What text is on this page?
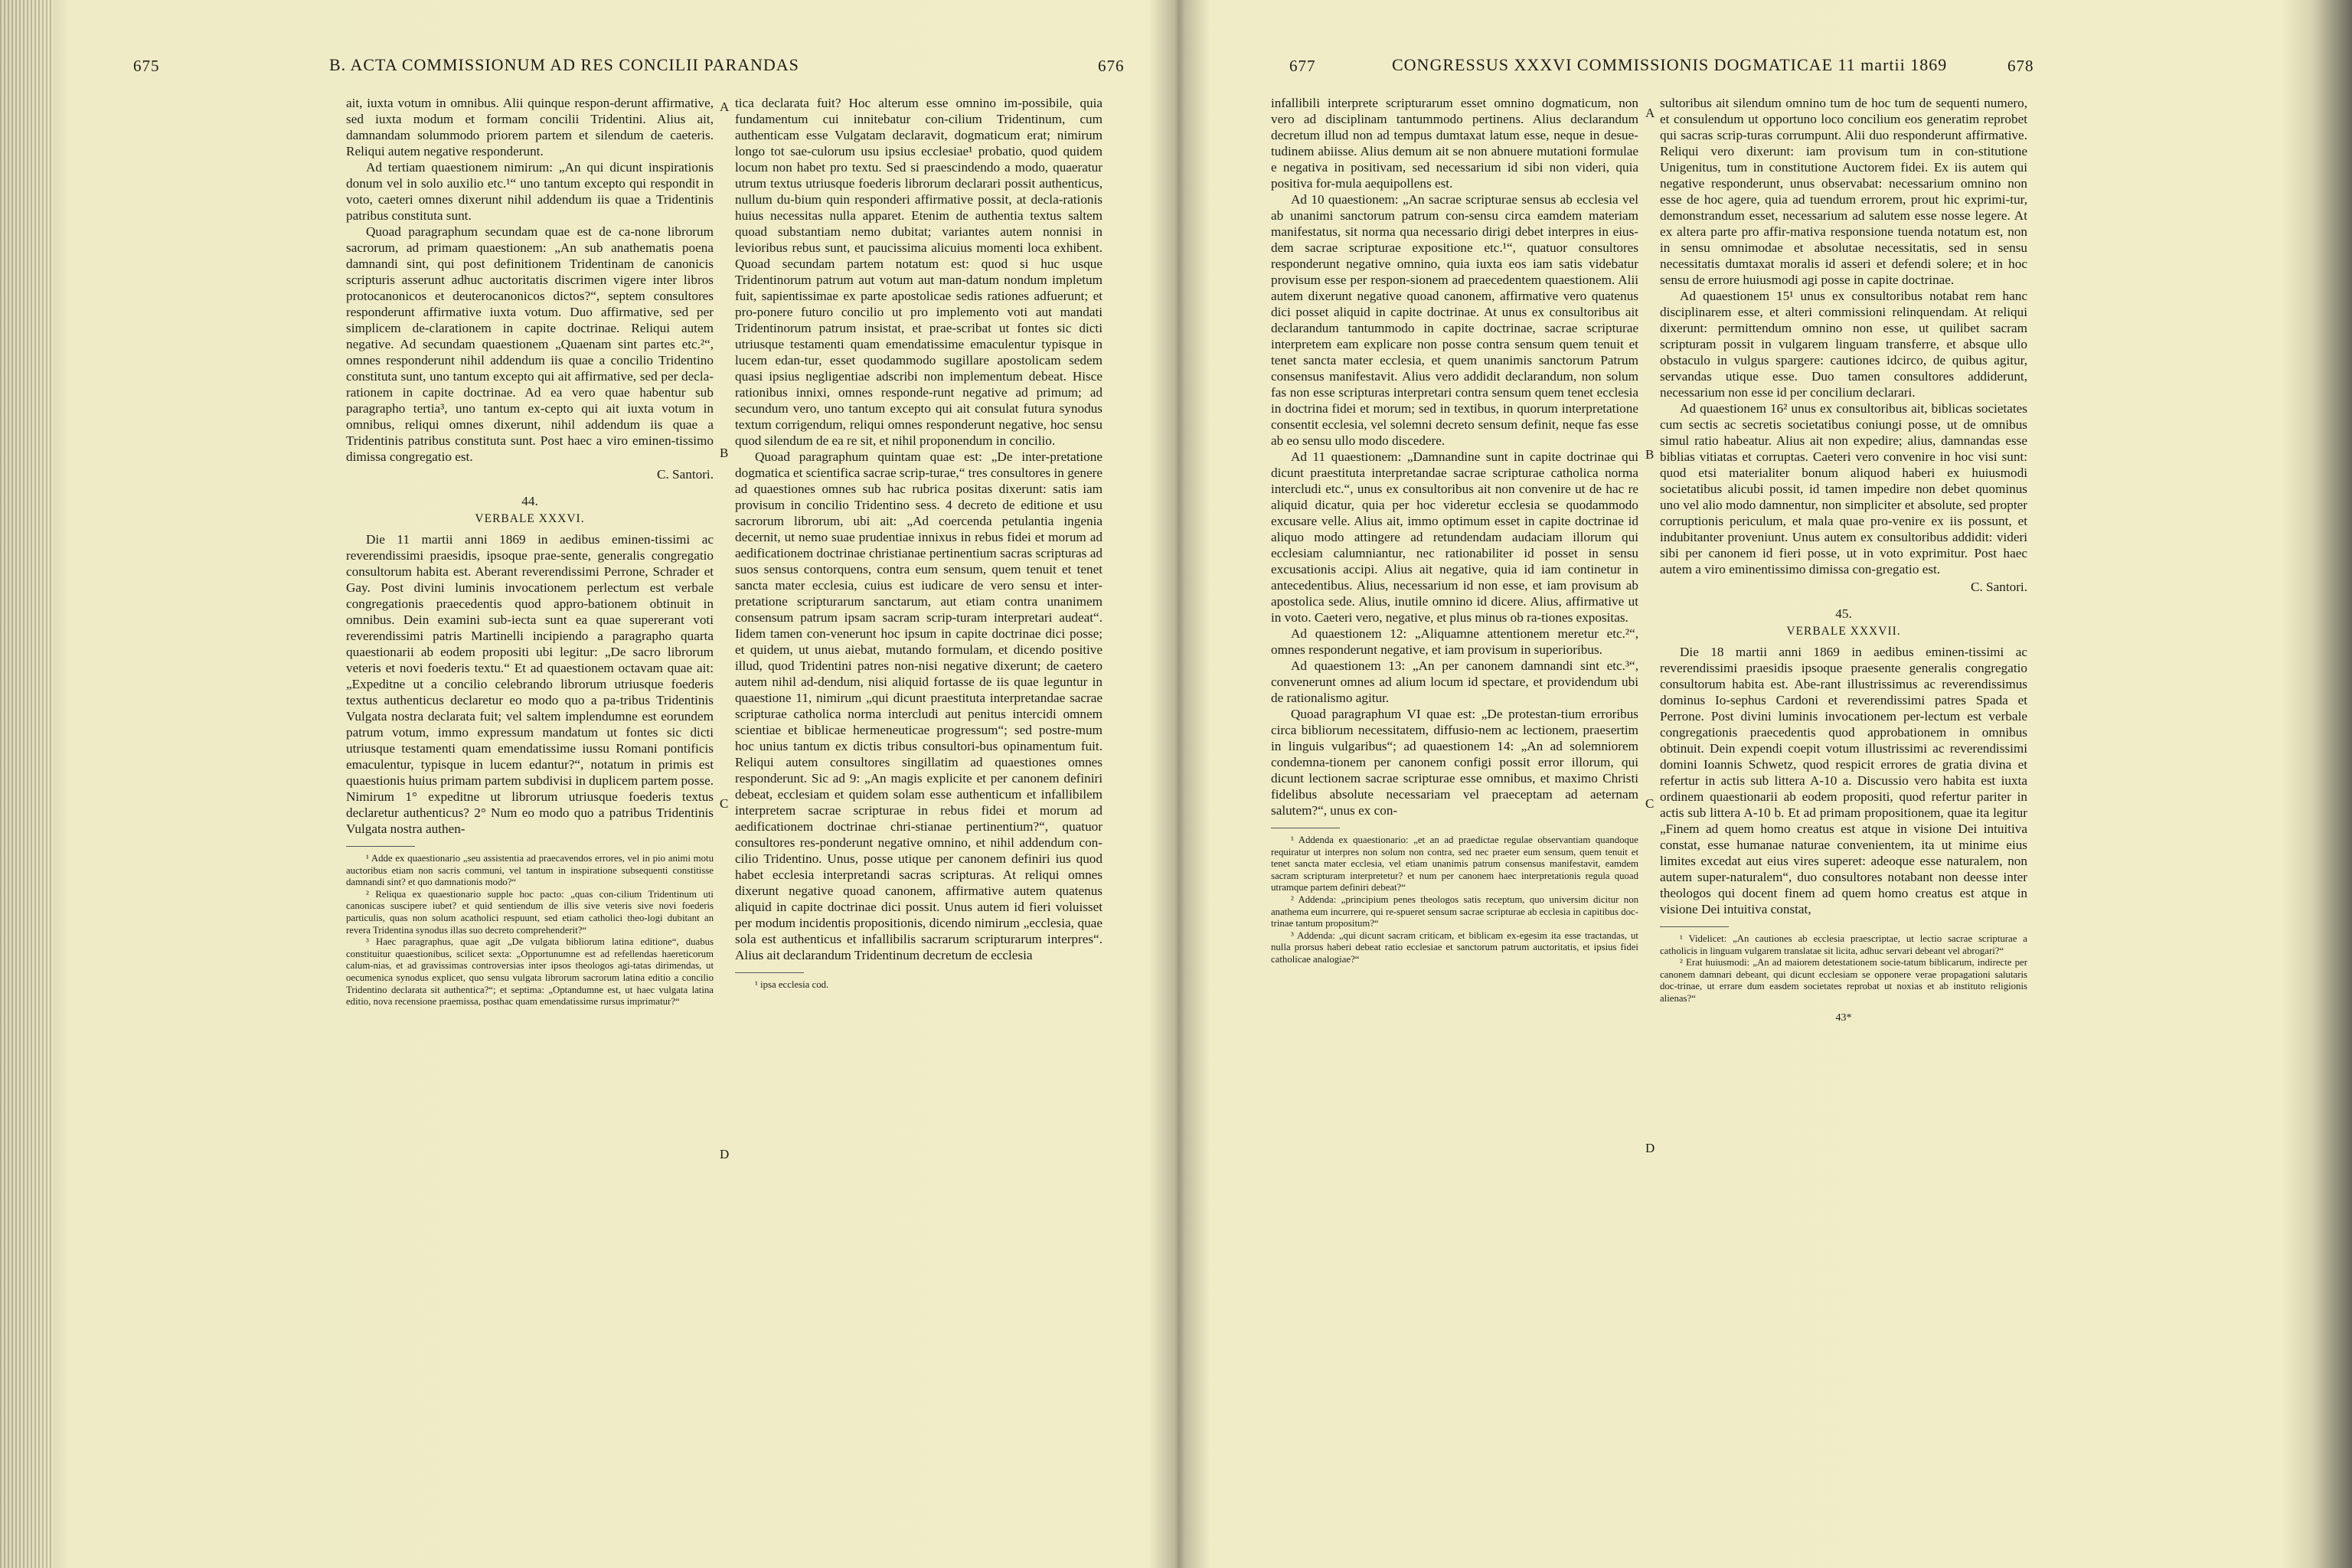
675	B. ACTA COMMISSIONUM AD RES CONCILII PARANDAS	676

ait, iuxta votum in omnibus. Alii quinque respon-derunt affirmative, sed iuxta modum et formam concilii Tridentini. Alius ait, damnandam solummodo priorem partem et silendum de caeteris. Reliqui autem negative responderunt.

Ad tertiam quaestionem nimirum: „An qui dicunt inspirationis donum vel in solo auxilio etc.¹“ uno tantum excepto qui respondit in voto, caeteri omnes dixerunt nihil addendum iis quae a Tridentinis patribus constituta sunt.

Quoad paragraphum secundam quae est de ca-none librorum sacrorum, ad primam quaestionem: „An sub anathematis poena damnandi sint, qui post definitionem Tridentinam de canonicis scripturis asserunt adhuc auctoritatis discrimen vigere inter libros protocanonicos et deuterocanonicos dictos?“, septem consultores responderunt affirmative iuxta votum. Duo affirmative, sed per simplicem de-clarationem in capite doctrinae. Reliqui autem negative. Ad secundam quaestionem „Quaenam sint partes etc.²“, omnes responderunt nihil addendum iis quae a concilio Tridentino constituta sunt, uno tantum excepto qui ait affirmative, sed per decla-rationem in capite doctrinae. Ad ea vero quae habentur sub paragrapho tertia³, uno tantum ex-cepto qui ait iuxta votum in omnibus, reliqui omnes dixerunt, nihil addendum iis quae a Tridentinis patribus constituta sunt. Post haec a viro eminen-tissimo dimissa congregatio est.

C. Santori.
44.
VERBALE XXXVI.

Die 11 martii anni 1869 in aedibus eminen-tissimi ac reverendissimi praesidis, ipsoque prae-sente, generalis congregatio consultorum habita est. Aberant reverendissimi Perrone, Schrader et Gay. Post divini luminis invocationem perlectum est verbale congregationis praecedentis quod appro-bationem obtinuit in omnibus. Dein examini sub-iecta sunt ea quae supererant voti reverendissimi patris Martinelli incipiendo a paragrapho quarta quaestionarii ab eodem propositi ubi legitur: „De sacro librorum veteris et novi foederis textu.“ Et ad quaestionem octavam quae ait: „Expeditne ut a concilio celebrando librorum utriusque foederis textus authenticus declaretur eo modo quo a pa-tribus Tridentinis Vulgata nostra declarata fuit; vel saltem implendumne est eorundem patrum votum, immo expressum mandatum ut fontes sic dicti utriusque testamenti quam emendatissime iussu Romani pontificis emaculentur, typisque in lucem edantur?“, notatum in primis est quaestionis huius primam partem subdivisi in duplicem partem posse. Nimirum 1° expeditne ut librorum utriusque foederis textus declaretur authenticus? 2° Num eo modo quo a patribus Tridentinis Vulgata nostra authen-

¹ Adde ex quaestionario „seu assistentia ad praecavendos errores, vel in pio animi motu auctoribus etiam non sacris communi, vel tantum in inspiratione subsequenti constitisse damnandi sint? et quo damnationis modo?“

² Reliqua ex quaestionario supple hoc pacto: „quas con-cilium Tridentinum uti canonicas suscipere iubet? et quid sentiendum de illis sive veteris sive novi foederis particulis, quas non solum acatholici respuunt, sed etiam catholici theo-logi dubitant an revera Tridentina synodus illas suo decreto comprehenderit?“

³ Haec paragraphus, quae agit „De vulgata bibliorum latina editione“, duabus constituitur quaestionibus, scilicet sexta: „Opportunumne est ad refellendas haereticorum calum-nias, et ad gravissimas controversias inter ipsos theologos agi-tatas dirimendas, ut oecumenica synodus explicet, quo sensu vulgata librorum sacrorum latina editio a concilio Tridentino declarata sit authentica?“; et septima: „Optandumne est, ut haec vulgata latina editio, nova recensione praemissa, posthac quam emendatissime rursus imprimatur?“

A
B
C
D

tica declarata fuit? Hoc alterum esse omnino im-possibile, quia fundamentum cui innitebatur con-cilium Tridentinum, cum authenticam esse Vulgatam declaravit, dogmaticum erat; nimirum longo tot sae-culorum usu ipsius ecclesiae¹ probatio, quod quidem locum non habet pro textu. Sed si praescindendo a modo, quaeratur utrum textus utriusque foederis librorum declarari possit authenticus, nullum du-bium quin responderi affirmative possit, at decla-rationis huius necessitas nulla apparet. Etenim de authentia textus saltem quoad substantiam nemo dubitat; variantes autem nonnisi in levioribus rebus sunt, et paucissima alicuius momenti loca exhibent. Quoad secundam partem notatum est: quod si huc usque Tridentinorum patrum aut votum aut man-datum nondum impletum fuit, sapientissimae ex parte apostolicae sedis rationes adfuerunt; et pro-ponere futuro concilio ut pro implemento voti aut mandati Tridentinorum patrum insistat, et prae-scribat ut fontes sic dicti utriusque testamenti quam emendatissime emaculentur typisque in lucem edan-tur, esset quodammodo sugillare apostolicam sedem quasi ipsius negligentiae adscribi non implementum debeat. Hisce rationibus innixi, omnes responde-runt negative ad primum; ad secundum vero, uno tantum excepto qui ait consulat futura synodus textum corrigendum, reliqui omnes responderunt negative, hoc sensu quod silendum de ea re sit, et nihil proponendum in concilio.

Quoad paragraphum quintam quae est: „De inter-pretatione dogmatica et scientifica sacrae scrip-turae,“ tres consultores in genere ad quaestiones omnes sub hac rubrica positas dixerunt: satis iam provisum in concilio Tridentino sess. 4 decreto de editione et usu sacrorum librorum, ubi ait: „Ad coercenda petulantia ingenia decernit, ut nemo suae prudentiae innixus in rebus fidei et morum ad aedificationem doctrinae christianae pertinentium sacras scripturas ad suos sensus contorquens, contra eum sensum, quem tenuit et tenet sancta mater ecclesia, cuius est iudicare de vero sensu et inter-pretatione scripturarum sanctarum, aut etiam contra unanimem consensum patrum ipsam sacram scrip-turam interpretari audeat“. Iidem tamen con-venerunt hoc ipsum in capite doctrinae dici posse; et quidem, ut unus aiebat, mutando formulam, et dicendo positive illud, quod Tridentini patres non-nisi negative dixerunt; de caetero autem nihil ad-dendum, nisi aliquid fortasse de iis quae leguntur in quaestione 11, nimirum „qui dicunt praestituta interpretandae sacrae scripturae catholica norma intercludi aut penitus intercidi omnem scientiae et biblicae hermeneuticae progressum“; sed postre-mum hoc unius tantum ex dictis tribus consultori-bus opinamentum fuit. Reliqui autem consultores singillatim ad quaestiones omnes responderunt. Sic ad 9: „An magis explicite et per canonem definiri debeat, ecclesiam et quidem solam esse authenticum et infallibilem interpretem sacrae scripturae in rebus fidei et morum ad aedificationem doctrinae chri-stianae pertinentium?“, quatuor consultores res-ponderunt negative omnino, et nihil addendum con-cilio Tridentino. Unus, posse utique per canonem definiri ius quod habet ecclesia interpretandi sacras scripturas. At reliqui omnes dixerunt negative quoad canonem, affirmative autem quatenus aliquid in capite doctrinae dici possit. Unus autem id fieri voluisset per modum incidentis propositionis, dicendo nimirum „ecclesia, quae sola est authenticus et infallibilis sacrarum scripturarum interpres“. Alius ait declarandum Tridentinum decretum de ecclesia

¹ ipsa ecclesia cod.

677	CONGRESSUS XXXVI COMMISSIONIS DOGMATICAE 11 martii 1869	678

infallibili interprete scripturarum esset omnino dogmaticum, non vero ad disciplinam tantummodo pertinens. Alius declarandum decretum illud non ad tempus dumtaxat latum esse, neque in desue-tudinem abiisse. Alius demum ait se non abnuere mutationi formulae e negativa in positivam, sed necessarium id sibi non videri, quia positiva for-mula aequipollens est.

Ad 10 quaestionem: „An sacrae scripturae sensus ab ecclesia vel ab unanimi sanctorum patrum con-sensu circa eamdem materiam manifestatus, sit norma qua necessario dirigi debet interpres in eius-dem sacrae scripturae expositione etc.¹“, quatuor consultores responderunt negative omnino, quia iuxta eos iam satis videbatur provisum esse per respon-sionem ad praecedentem quaestionem. Alii autem dixerunt negative quoad canonem, affirmative vero quatenus dici posset aliquid in capite doctrinae. At unus ex consultoribus ait declarandum tantummodo in capite doctrinae, sacrae scripturae interpretem eam explicare non posse contra sensum quem tenuit et tenet sancta mater ecclesia, et quem unanimis sanctorum Patrum consensus manifestavit. Alius vero addidit declarandum, non solum fas non esse scripturas interpretari contra sensum quem tenet ecclesia in doctrina fidei et morum; sed in textibus, in quorum interpretatione consentit ecclesia, vel solemni decreto sensum definit, neque fas esse ab eo sensu ullo modo discedere.

Ad 11 quaestionem: „Damnandine sunt in capite doctrinae qui dicunt praestituta interpretandae sacrae scripturae catholica norma intercludi etc.“, unus ex consultoribus ait non convenire ut de hac re aliquid dicatur, quia per hoc videretur ecclesia se quodammodo excusare velle. Alius ait, immo optimum esset in capite doctrinae id aliquo modo attingere ad retundendam audaciam illorum qui ecclesiam calumniantur, nec rationabiliter id posset in sensu excusationis accipi. Alius ait negative, quia id iam continetur in antecedentibus. Alius, necessarium id non esse, et iam provisum ab apostolica sede. Alius, inutile omnino id dicere. Alius, affirmative ut in voto. Caeteri vero, negative, et plus minus ob ra-tiones expositas.

Ad quaestionem 12: „Aliquamne attentionem meretur etc.²“, omnes responderunt negative, et iam provisum in superioribus.

Ad quaestionem 13: „An per canonem damnandi sint etc.³“, convenerunt omnes ad alium locum id spectare, et providendum ubi de rationalismo agitur.

Quoad paragraphum VI quae est: „De protestan-tium erroribus circa bibliorum necessitatem, diffusio-nem ac lectionem, praesertim in linguis vulgaribus“; ad quaestionem 14: „An ad solemniorem condemna-tionem per canonem configi possit error illorum, qui dicunt lectionem sacrae scripturae esse omnibus, et maximo Christi fidelibus absolute necessariam vel praeceptam ad aeternam salutem?“, unus ex con-

¹ Addenda ex quaestionario: „et an ad praedictae regulae observantiam quandoque requiratur ut interpres non solum non contra, sed nec praeter eum sensum, quem tenuit et tenet sancta mater ecclesia, vel etiam unanimis patrum consensus manifestavit, eamdem sacram scripturam interpretetur? et num per canonem haec interpretationis regula quoad utramque partem definiri debeat?“

² Addenda: „principium penes theologos satis receptum, quo universim dicitur non anathema eum incurrere, qui re-spueret sensum sacrae scripturae ab ecclesia in capitibus doc-trinae tantum propositum?“

³ Addenda: „qui dicunt sacram criticam, et biblicam ex-egesim ita esse tractandas, ut nulla prorsus haberi debeat ratio ecclesiae et sanctorum patrum auctoritatis, et ipsius fidei catholicae analogiae?“

A
B
C
D

sultoribus ait silendum omnino tum de hoc tum de sequenti numero, et consulendum ut opportuno loco concilium eos generatim reprobet qui sacras scrip-turas corrumpunt. Alii duo responderunt affirmative. Reliqui vero dixerunt: iam provisum tum in con-stitutione Unigenitus, tum in constitutione Auctorem fidei. Ex iis autem qui negative responderunt, unus observabat: necessarium omnino non esse de hoc agere, quia ad tuendum errorem, prout hic exprimi-tur, demonstrandum esset, necessarium ad salutem esse nosse legere. At ex altera parte pro affir-mativa responsione tuenda notatum est, non in sensu omnimodae et absolutae necessitatis, sed in sensu necessitatis dumtaxat moralis id asseri et defendi solere; et in hoc sensu de errore huiusmodi agi posse in capite doctrinae.

Ad quaestionem 15¹ unus ex consultoribus notabat rem hanc disciplinarem esse, et alteri commissioni relinquendam. At reliqui dixerunt: permittendum omnino non esse, ut quilibet sacram scripturam possit in vulgarem linguam transferre, et absque ullo obstaculo in vulgus spargere: cautiones idcirco, de quibus agitur, servandas utique esse. Duo tamen consultores addiderunt, necessarium non esse id per concilium declarari.

Ad quaestionem 16² unus ex consultoribus ait, biblicas societates cum sectis ac secretis societatibus coniungi posse, ut de omnibus simul ratio habeatur. Alius ait non expedire; alius, damnandas esse biblias vitiatas et corruptas. Caeteri vero convenire in hoc visi sunt: quod etsi materialiter bonum aliquod haberi ex huiusmodi societatibus alicubi possit, id tamen impedire non debet quominus uno vel alio modo damnentur, non simpliciter et absolute, sed propter corruptionis periculum, et mala quae pro-venire ex iis possunt, et indubitanter proveniunt. Unus autem ex consultoribus addidit: videri sibi per canonem id fieri posse, ut in voto exprimitur. Post haec autem a viro eminentissimo dimissa con-gregatio est.

C. Santori.
45.
VERBALE XXXVII.

Die 18 martii anni 1869 in aedibus eminen-tissimi ac reverendissimi praesidis ipsoque praesente generalis congregatio consultorum habita est. Abe-rant illustrissimus ac reverendissimus dominus Io-sephus Cardoni et reverendissimi patres Spada et Perrone. Post divini luminis invocationem per-lectum est verbale congregationis praecedentis quod approbationem in omnibus obtinuit. Dein expendi coepit votum illustrissimi ac reverendissimi domini Ioannis Schwetz, quod respicit errores de gratia divina et refertur in actis sub littera A-10 a. Discussio vero habita est iuxta ordinem quaestionarii ab eodem propositi, quod refertur pariter in actis sub littera A-10 b. Et ad primam propositionem, quae ita legitur „Finem ad quem homo creatus est atque in visione Dei intuitiva constat, esse humanae naturae convenientem, ita ut minime eius limites excedat aut eius vires superet: adeoque esse naturalem, non autem super-naturalem“, duo consultores notabant non deesse inter theologos qui docent finem ad quem homo creatus est atque in visione Dei intuitiva constat,

¹ Videlicet: „An cautiones ab ecclesia praescriptae, ut lectio sacrae scripturae a catholicis in linguam vulgarem translatae sit licita, adhuc servari debeant vel abrogari?“

² Erat huiusmodi: „An ad maiorem detestationem socie-tatum biblicarum, indirecte per canonem damnari debeant, qui dicunt ecclesiam se opponere verae propagationi salutaris doc-trinae, ut errare dum easdem societates reprobat ut noxias et ab instituto religionis alienas?“

43*
